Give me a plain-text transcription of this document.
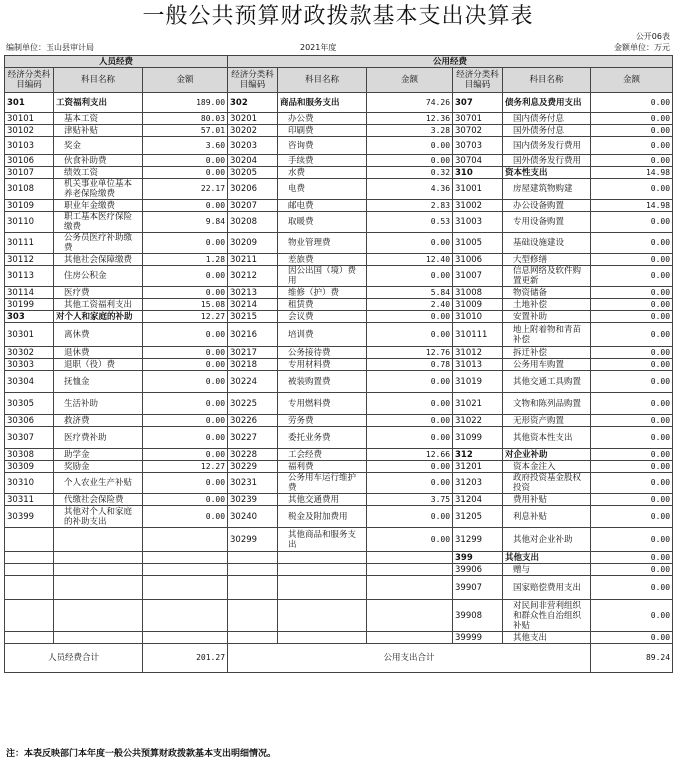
一般公共预算财政拨款基本支出决算表
公开06表
编制单位：玉山县审计局	2021年度	金额单位：万元
人员经费			公用经费					
经济分类科目编码	科目名称	金额	经济分类科目编码	科目名称	金额	经济分类科目编码	科目名称	金额
301	工资福利支出	189.00	302	商品和服务支出	74.26	307	债务利息及费用支出	0.00
30101	基本工资	80.03	30201	办公费	12.36	30701	国内债务付息	0.00
30102	津贴补贴	57.01	30202	印刷费	3.28	30702	国外债务付息	0.00
30103	奖金	3.60	30203	咨询费	0.00	30703	国内债务发行费用	0.00
30106	伙食补助费	0.00	30204	手续费	0.00	30704	国外债务发行费用	0.00
30107	绩效工资	0.00	30205	水费	0.32	310	资本性支出	14.98
30108	机关事业单位基本养老保险缴费	22.17	30206	电费	4.36	31001	房屋建筑物购建	0.00
30109	职业年金缴费	0.00	30207	邮电费	2.83	31002	办公设备购置	14.98
30110	职工基本医疗保险缴费	9.84	30208	取暖费	0.53	31003	专用设备购置	0.00
30111	公务员医疗补助缴费	0.00	30209	物业管理费	0.00	31005	基础设施建设	0.00
30112	其他社会保障缴费	1.28	30211	差旅费	12.40	31006	大型修缮	0.00
30113	住房公积金	0.00	30212	因公出国（境）费用	0.00	31007	信息网络及软件购置更新	0.00
30114	医疗费	0.00	30213	维修（护）费	5.84	31008	物资储备	0.00
30199	其他工资福利支出	15.08	30214	租赁费	2.40	31009	土地补偿	0.00
303	对个人和家庭的补助	12.27	30215	会议费	0.00	31010	安置补助	0.00
30301	离休费	0.00	30216	培训费	0.00	310111	地上附着物和青苗补偿	0.00
30302	退休费	0.00	30217	公务接待费	12.76	31012	拆迁补偿	0.00
30303	退职（役）费	0.00	30218	专用材料费	0.78	31013	公务用车购置	0.00
30304	抚恤金	0.00	30224	被装购置费	0.00	31019	其他交通工具购置	0.00
30305	生活补助	0.00	30225	专用燃料费	0.00	31021	文物和陈列品购置	0.00
30306	救济费	0.00	30226	劳务费	0.00	31022	无形资产购置	0.00
30307	医疗费补助	0.00	30227	委托业务费	0.00	31099	其他资本性支出	0.00
30308	助学金	0.00	30228	工会经费	12.66	312	对企业补助	0.00
30309	奖励金	12.27	30229	福利费	0.00	31201	资本金注入	0.00
30310	个人农业生产补贴	0.00	30231	公务用车运行维护费	0.00	31203	政府投资基金股权投资	0.00
30311	代缴社会保险费	0.00	30239	其他交通费用	3.75	31204	费用补贴	0.00
30399	其他对个人和家庭的补助支出	0.00	30240	税金及附加费用	0.00	31205	利息补贴	0.00
			30299	其他商品和服务支出	0.00	31299	其他对企业补助	0.00
						399	其他支出	0.00
						39906	赠与	0.00
						39907	国家赔偿费用支出	0.00
						39908	对民间非营利组织和群众性自治组织补贴	0.00
						39999	其他支出	0.00
人员经费合计		201.27	公用支出合计					89.24
注：本表反映部门本年度一般公共预算财政拨款基本支出明细情况。
